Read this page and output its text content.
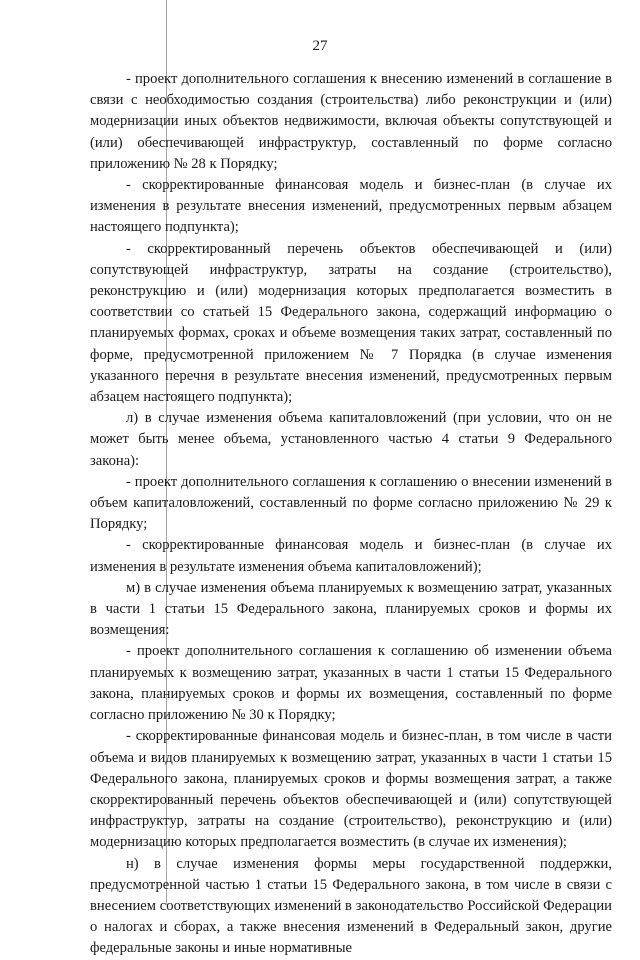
27

- проект дополнительного соглашения к внесению изменений в соглашение в связи с необходимостью создания (строительства) либо реконструкции и (или) модернизации иных объектов недвижимости, включая объекты сопутствующей и (или) обеспечивающей инфраструктур, составленный по форме согласно приложению № 28 к Порядку;

- скорректированные финансовая модель и бизнес-план (в случае их изменения в результате внесения изменений, предусмотренных первым абзацем настоящего подпункта);

- скорректированный перечень объектов обеспечивающей и (или) сопутствующей инфраструктур, затраты на создание (строительство), реконструкцию и (или) модернизация которых предполагается возместить в соответствии со статьей 15 Федерального закона, содержащий информацию о планируемых формах, сроках и объеме возмещения таких затрат, составленный по форме, предусмотренной приложением № 7 Порядка (в случае изменения указанного перечня в результате внесения изменений, предусмотренных первым абзацем настоящего подпункта);

л) в случае изменения объема капиталовложений (при условии, что он не может быть менее объема, установленного частью 4 статьи 9 Федерального закона):

- проект дополнительного соглашения к соглашению о внесении изменений в объем капиталовложений, составленный по форме согласно приложению № 29 к Порядку;

- скорректированные финансовая модель и бизнес-план (в случае их изменения в результате изменения объема капиталовложений);

м) в случае изменения объема планируемых к возмещению затрат, указанных в части 1 статьи 15 Федерального закона, планируемых сроков и формы их возмещения:

- проект дополнительного соглашения к соглашению об изменении объема планируемых к возмещению затрат, указанных в части 1 статьи 15 Федерального закона, планируемых сроков и формы их возмещения, составленный по форме согласно приложению № 30 к Порядку;

- скорректированные финансовая модель и бизнес-план, в том числе в части объема и видов планируемых к возмещению затрат, указанных в части 1 статьи 15 Федерального закона, планируемых сроков и формы возмещения затрат, а также скорректированный перечень объектов обеспечивающей и (или) сопутствующей инфраструктур, затраты на создание (строительство), реконструкцию и (или) модернизацию которых предполагается возместить (в случае их изменения);

н) в случае изменения формы меры государственной поддержки, предусмотренной частью 1 статьи 15 Федерального закона, в том числе в связи с внесением соответствующих изменений в законодательство Российской Федерации о налогах и сборах, а также внесения изменений в Федеральный закон, другие федеральные законы и иные нормативные
